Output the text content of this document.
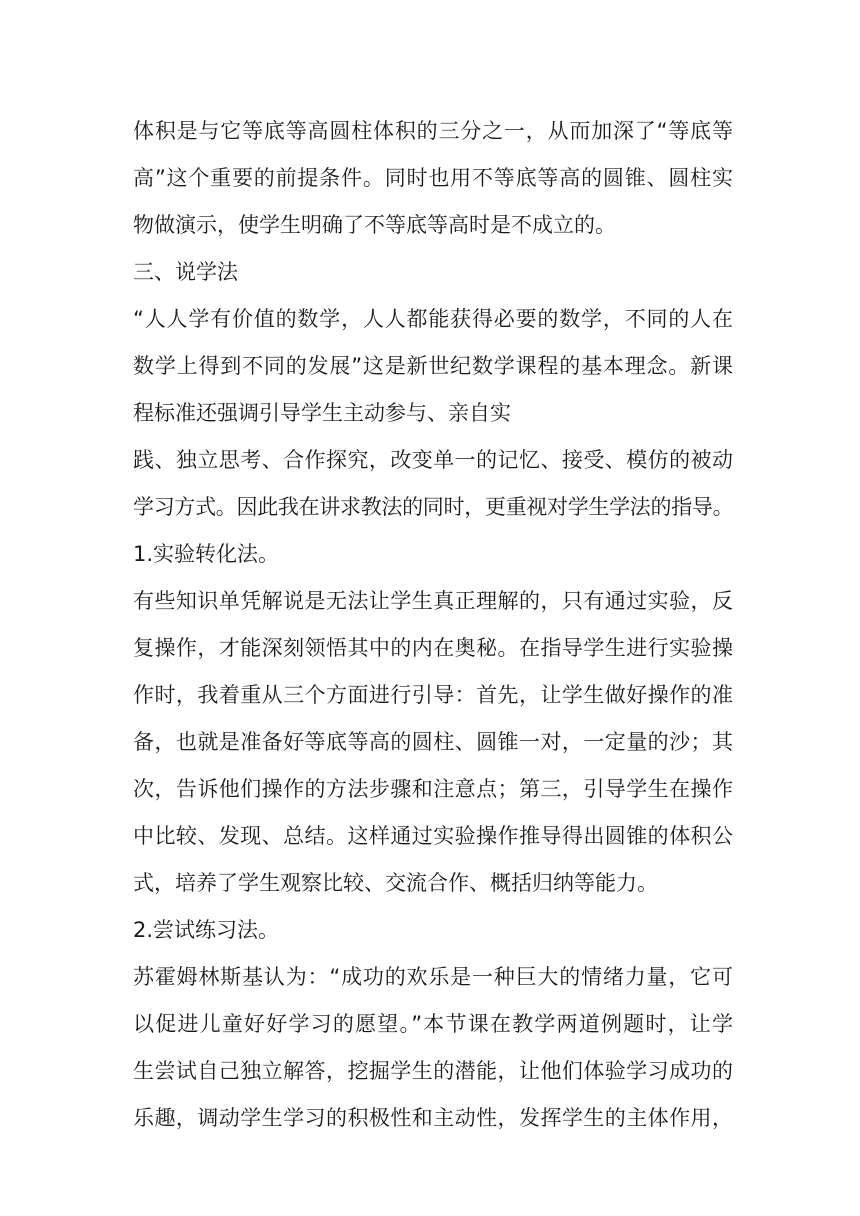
体积是与它等底等高圆柱体积的三分之一，从而加深了“等底等
高”这个重要的前提条件。同时也用不等底等高的圆锥、圆柱实
物做演示，使学生明确了不等底等高时是不成立的。
三、说学法
“人人学有价值的数学，人人都能获得必要的数学，不同的人在
数学上得到不同的发展”这是新世纪数学课程的基本理念。新课
程标准还强调引导学生主动参与、亲自实
践、独立思考、合作探究，改变单一的记忆、接受、模仿的被动
学习方式。因此我在讲求教法的同时，更重视对学生学法的指导。
1.实验转化法。
有些知识单凭解说是无法让学生真正理解的，只有通过实验，反
复操作，才能深刻领悟其中的内在奥秘。在指导学生进行实验操
作时，我着重从三个方面进行引导：首先，让学生做好操作的准
备，也就是准备好等底等高的圆柱、圆锥一对，一定量的沙；其
次，告诉他们操作的方法步骤和注意点；第三，引导学生在操作
中比较、发现、总结。这样通过实验操作推导得出圆锥的体积公
式，培养了学生观察比较、交流合作、概括归纳等能力。
2.尝试练习法。
苏霍姆林斯基认为：“成功的欢乐是一种巨大的情绪力量，它可
以促进儿童好好学习的愿望。”本节课在教学两道例题时，让学
生尝试自己独立解答，挖掘学生的潜能，让他们体验学习成功的
乐趣，调动学生学习的积极性和主动性，发挥学生的主体作用，
